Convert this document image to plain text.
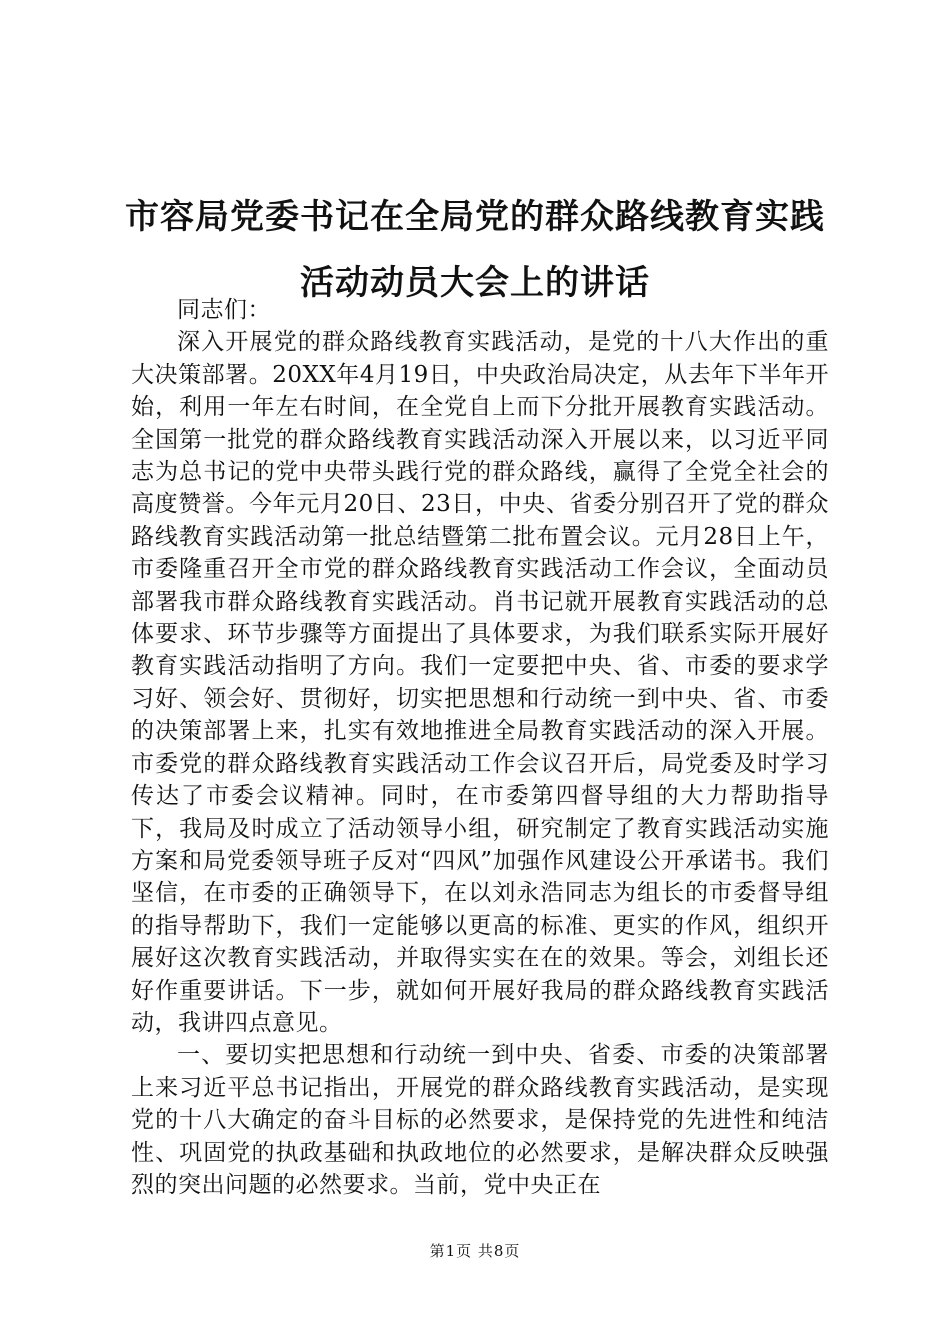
市容局党委书记在全局党的群众路线教育实践活动动员大会上的讲话

同志们：

深入开展党的群众路线教育实践活动，是党的十八大作出的重大决策部署。20XX年4月19日，中央政治局决定，从去年下半年开始，利用一年左右时间，在全党自上而下分批开展教育实践活动。全国第一批党的群众路线教育实践活动深入开展以来，以习近平同志为总书记的党中央带头践行党的群众路线，赢得了全党全社会的高度赞誉。今年元月20日、23日，中央、省委分别召开了党的群众路线教育实践活动第一批总结暨第二批布置会议。元月28日上午，市委隆重召开全市党的群众路线教育实践活动工作会议，全面动员部署我市群众路线教育实践活动。肖书记就开展教育实践活动的总体要求、环节步骤等方面提出了具体要求，为我们联系实际开展好教育实践活动指明了方向。我们一定要把中央、省、市委的要求学习好、领会好、贯彻好，切实把思想和行动统一到中央、省、市委的决策部署上来，扎实有效地推进全局教育实践活动的深入开展。市委党的群众路线教育实践活动工作会议召开后，局党委及时学习传达了市委会议精神。同时，在市委第四督导组的大力帮助指导下，我局及时成立了活动领导小组，研究制定了教育实践活动实施方案和局党委领导班子反对“四风”加强作风建设公开承诺书。我们坚信，在市委的正确领导下，在以刘永浩同志为组长的市委督导组的指导帮助下，我们一定能够以更高的标准、更实的作风，组织开展好这次教育实践活动，并取得实实在在的效果。等会，刘组长还好作重要讲话。下一步，就如何开展好我局的群众路线教育实践活动，我讲四点意见。

一、要切实把思想和行动统一到中央、省委、市委的决策部署上来习近平总书记指出，开展党的群众路线教育实践活动，是实现党的十八大确定的奋斗目标的必然要求，是保持党的先进性和纯洁性、巩固党的执政基础和执政地位的必然要求，是解决群众反映强烈的突出问题的必然要求。当前，党中央正在

第1页 共8页
